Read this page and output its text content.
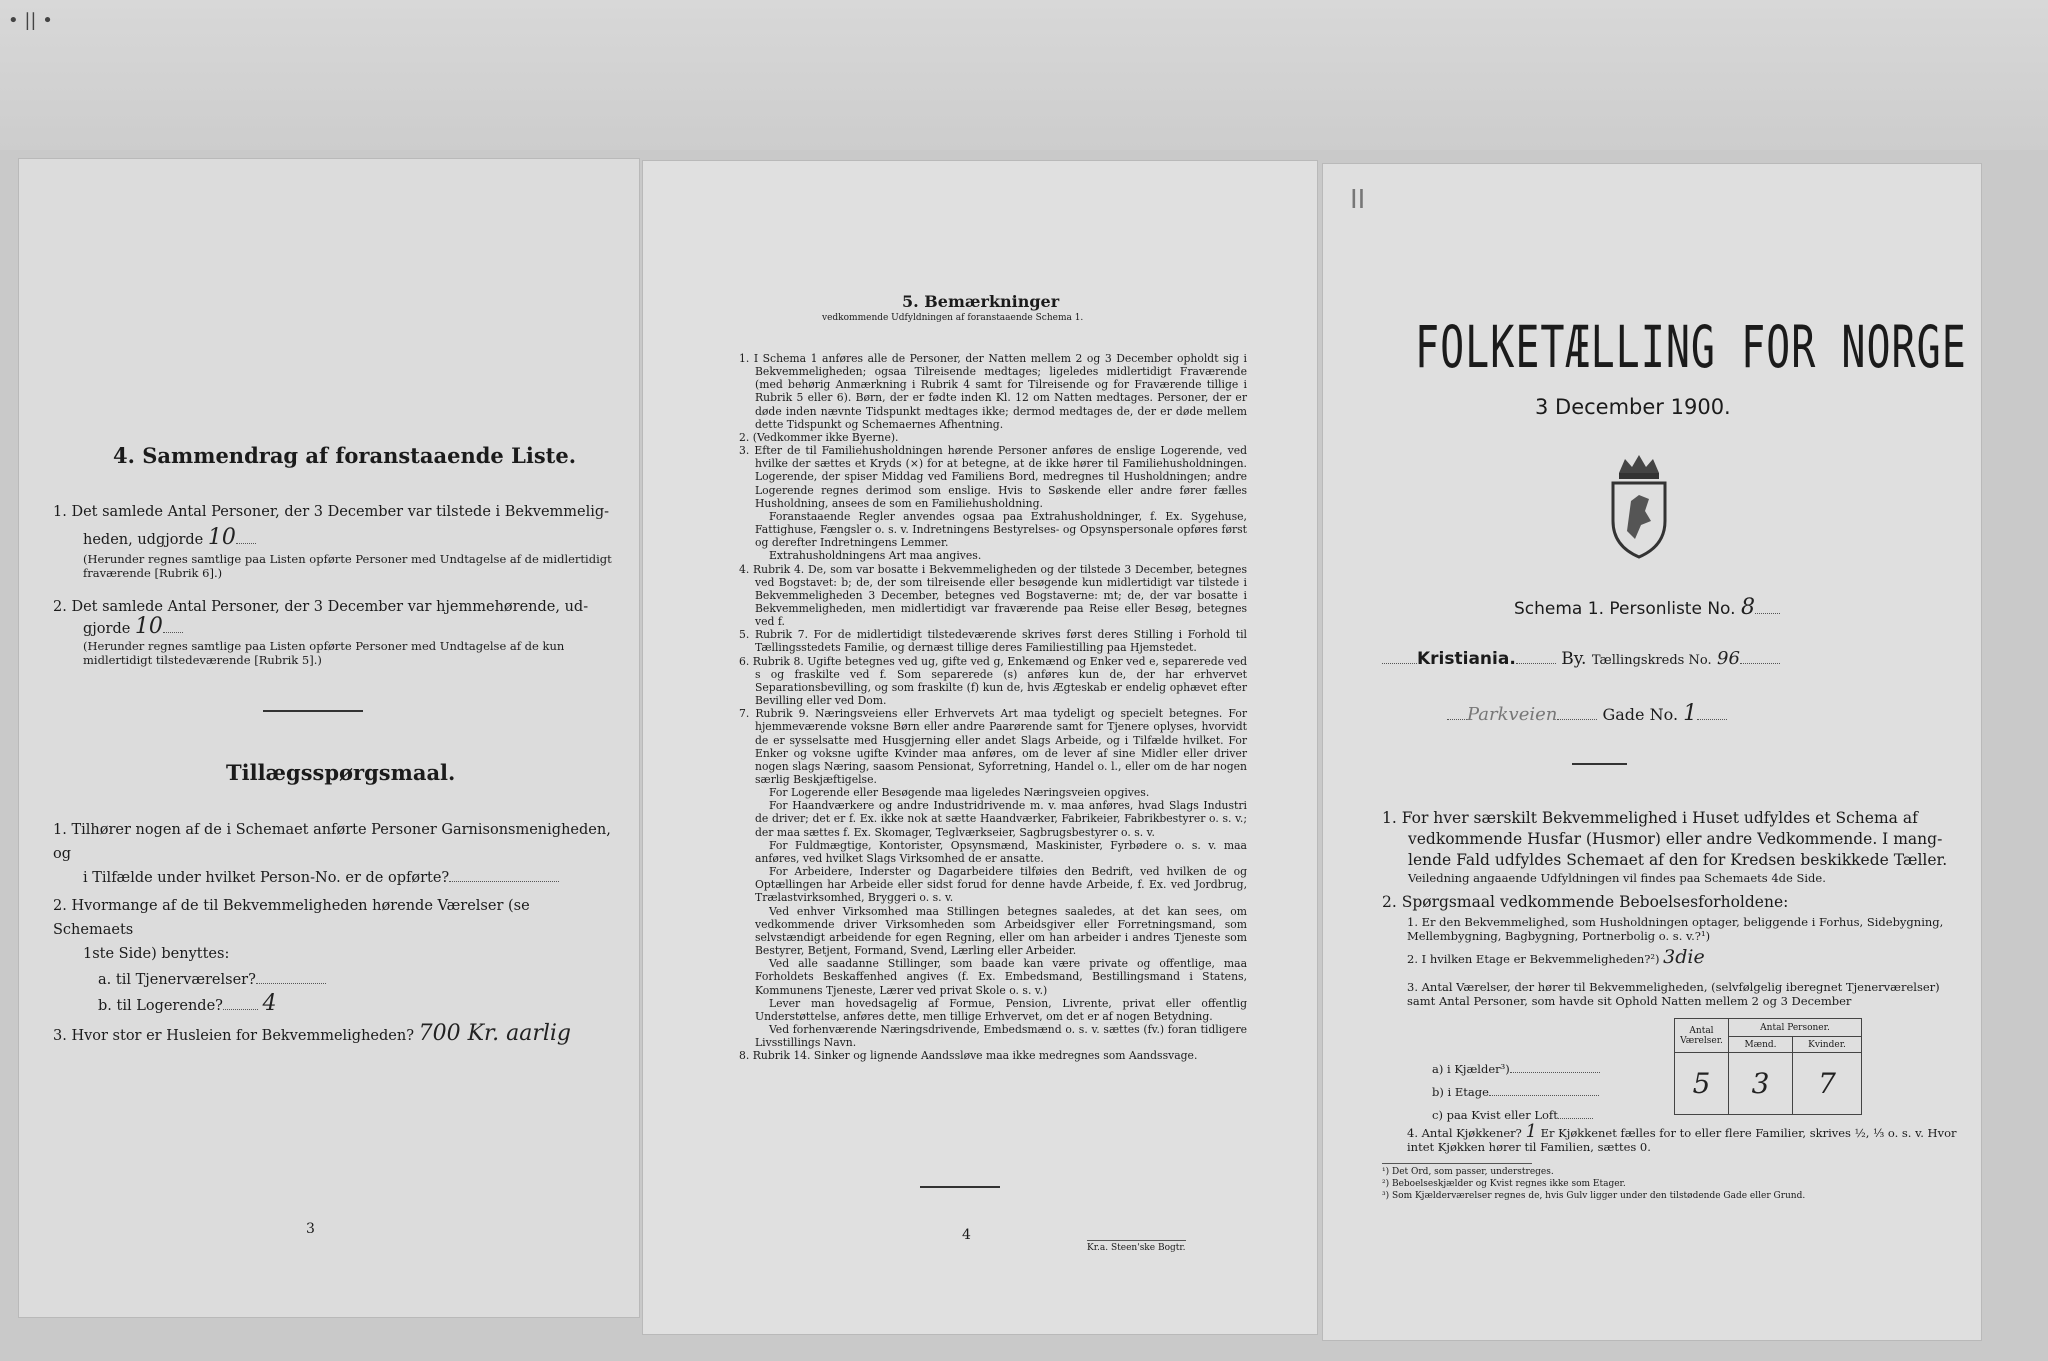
• || •
4. Sammendrag af foranstaaende Liste.
1. Det samlede Antal Personer, der 3 December var tilstede i Bekvemmelig-
heden, udgjorde 10
(Herunder regnes samtlige paa Listen opførte Personer med Undtagelse af de midlertidigt
fraværende [Rubrik 6].)
2. Det samlede Antal Personer, der 3 December var hjemmehørende, ud-
gjorde 10
(Herunder regnes samtlige paa Listen opførte Personer med Undtagelse af de kun
midlertidigt tilstedeværende [Rubrik 5].)
Tillægsspørgsmaal.
1. Tilhører nogen af de i Schemaet anførte Personer Garnisonsmenigheden, og
i Tilfælde under hvilket Person-No. er de opførte?
2. Hvormange af de til Bekvemmeligheden hørende Værelser (se Schemaets
1ste Side) benyttes:
a. til Tjenerværelser?
b. til Logerende? 4
3. Hvor stor er Husleien for Bekvemmeligheden? 700 Kr. aarlig
3
5. Bemærkninger
vedkommende Udfyldningen af foranstaaende Schema 1.

1. I Schema 1 anføres alle de Personer, der Natten mellem 2 og 3 December opholdt sig i Bekvemmeligheden; ogsaa Tilreisende medtages; ligeledes midlertidigt Fraværende (med behørig Anmærkning i Rubrik 4 samt for Tilreisende og for Fraværende tillige i Rubrik 5 eller 6). Børn, der er fødte inden Kl. 12 om Natten medtages. Personer, der er døde inden nævnte Tidspunkt medtages ikke; dermod medtages de, der er døde mellem dette Tidspunkt og Schemaernes Afhentning.

2. (Vedkommer ikke Byerne).

3. Efter de til Familiehusholdningen hørende Personer anføres de enslige Logerende, ved hvilke der sættes et Kryds (×) for at betegne, at de ikke hører til Familiehusholdningen. Logerende, der spiser Middag ved Familiens Bord, medregnes til Husholdningen; andre Logerende regnes derimod som enslige. Hvis to Søskende eller andre fører fælles Husholdning, ansees de som en Familiehusholdning.

Foranstaaende Regler anvendes ogsaa paa Extrahusholdninger, f. Ex. Sygehuse, Fattighuse, Fængsler o. s. v. Indretningens Bestyrelses- og Opsynspersonale opføres først og derefter Indretningens Lemmer.

Extrahusholdningens Art maa angives.

4. Rubrik 4. De, som var bosatte i Bekvemmeligheden og der tilstede 3 December, betegnes ved Bogstavet: b; de, der som tilreisende eller besøgende kun midlertidigt var tilstede i Bekvemmeligheden 3 December, betegnes ved Bogstaverne: mt; de, der var bosatte i Bekvemmeligheden, men midlertidigt var fraværende paa Reise eller Besøg, betegnes ved f.

5. Rubrik 7. For de midlertidigt tilstedeværende skrives først deres Stilling i Forhold til Tællingsstedets Familie, og dernæst tillige deres Familiestilling paa Hjemstedet.

6. Rubrik 8. Ugifte betegnes ved ug, gifte ved g, Enkemænd og Enker ved e, separerede ved s og fraskilte ved f. Som separerede (s) anføres kun de, der har erhvervet Separationsbevilling, og som fraskilte (f) kun de, hvis Ægteskab er endelig ophævet efter Bevilling eller ved Dom.

7. Rubrik 9. Næringsveiens eller Erhvervets Art maa tydeligt og specielt betegnes. For hjemmeværende voksne Børn eller andre Paarørende samt for Tjenere oplyses, hvorvidt de er sysselsatte med Husgjerning eller andet Slags Arbeide, og i Tilfælde hvilket. For Enker og voksne ugifte Kvinder maa anføres, om de lever af sine Midler eller driver nogen slags Næring, saasom Pensionat, Syforretning, Handel o. l., eller om de har nogen særlig Beskjæftigelse.

For Logerende eller Besøgende maa ligeledes Næringsveien opgives.

For Haandværkere og andre Industridrivende m. v. maa anføres, hvad Slags Industri de driver; det er f. Ex. ikke nok at sætte Haandværker, Fabrikeier, Fabrikbestyrer o. s. v.; der maa sættes f. Ex. Skomager, Teglværkseier, Sagbrugsbestyrer o. s. v.

For Fuldmægtige, Kontorister, Opsynsmænd, Maskinister, Fyrbødere o. s. v. maa anføres, ved hvilket Slags Virksomhed de er ansatte.

For Arbeidere, Inderster og Dagarbeidere tilføies den Bedrift, ved hvilken de og Optællingen har Arbeide eller sidst forud for denne havde Arbeide, f. Ex. ved Jordbrug, Trælastvirksomhed, Bryggeri o. s. v.

Ved enhver Virksomhed maa Stillingen betegnes saaledes, at det kan sees, om vedkommende driver Virksomheden som Arbeidsgiver eller Forretningsmand, som selvstændigt arbeidende for egen Regning, eller om han arbeider i andres Tjeneste som Bestyrer, Betjent, Formand, Svend, Lærling eller Arbeider.

Ved alle saadanne Stillinger, som baade kan være private og offentlige, maa Forholdets Beskaffenhed angives (f. Ex. Embedsmand, Bestillingsmand i Statens, Kommunens Tjeneste, Lærer ved privat Skole o. s. v.)

Lever man hovedsagelig af Formue, Pension, Livrente, privat eller offentlig Understøttelse, anføres dette, men tillige Erhvervet, om det er af nogen Betydning.

Ved forhenværende Næringsdrivende, Embedsmænd o. s. v. sættes (fv.) foran tidligere Livsstillings Navn.

8. Rubrik 14. Sinker og lignende Aandssløve maa ikke medregnes som Aandssvage.

4
Kr.a. Steen'ske Bogtr.
II
FOLKETÆLLING FOR NORGE
3 December 1900.
Schema 1. Personliste No. 8
Kristiania.	By. Tællingskreds No. 96
Parkveien	Gade No. 1
1. For hver særskilt Bekvemmelighed i Huset udfyldes et Schema af
vedkommende Husfar (Husmor) eller andre Vedkommende. I mang-
lende Fald udfyldes Schemaet af den for Kredsen beskikkede Tæller.
Veiledning angaaende Udfyldningen vil findes paa Schemaets 4de Side.
2. Spørgsmaal vedkommende Beboelsesforholdene:
1. Er den Bekvemmelighed, som Husholdningen optager, beliggende i Forhus, Sidebygning, Mellembygning, Bagbygning, Portnerbolig o. s. v.?¹)
2. I hvilken Etage er Bekvemmeligheden?²) 3die
3. Antal Værelser, der hører til Bekvemmeligheden, (selvfølgelig iberegnet Tjenerværelser) samt Antal Personer, som havde sit Ophold Natten mellem 2 og 3 December
Antal Værelser.	Antal Personer.	
	Mænd.	Kvinder.
5	3	7
a) i Kjælder³)
b) i Etage
c) paa Kvist eller Loft
4. Antal Kjøkkener? 1 Er Kjøkkenet fælles for to eller flere Familier, skrives ½, ⅓ o. s. v. Hvor intet Kjøkken hører til Familien, sættes 0.
¹) Det Ord, som passer, understreges.
²) Beboelseskjælder og Kvist regnes ikke som Etager.
³) Som Kjælderværelser regnes de, hvis Gulv ligger under den tilstødende Gade eller Grund.
